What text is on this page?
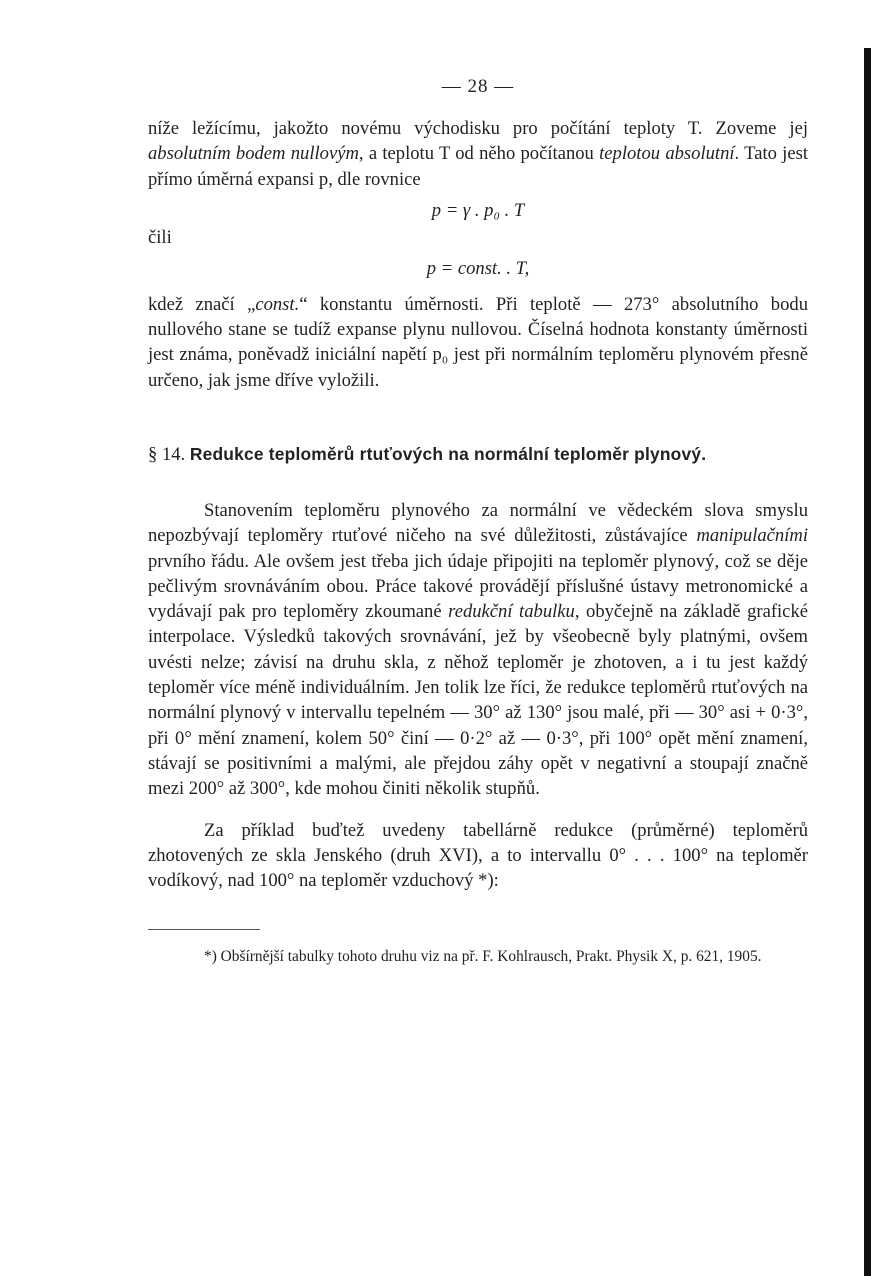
— 28 —

níže ležícímu, jakožto novému východisku pro počítání teploty T. Zoveme jej absolutním bodem nullovým, a teplotu T od něho počítanou teplotou absolutní. Tato jest přímo úměrná expansi p, dle rovnice

p = γ . p₀ . T

čili

p = const. . T,

kdež značí „const.“ konstantu úměrnosti. Při teplotě — 273° absolutního bodu nullového stane se tudíž expanse plynu nullovou. Číselná hodnota konstanty úměrnosti jest známa, poněvadž iniciální napětí p₀ jest při normálním teploměru plynovém přesně určeno, jak jsme dříve vyložili.

§ 14. Redukce teploměrů rtuťových na normální teploměr plynový.

Stanovením teploměru plynového za normální ve vědeckém slova smyslu nepozbývají teploměry rtuťové ničeho na své důležitosti, zůstávajíce manipulačními prvního řádu. Ale ovšem jest třeba jich údaje připojiti na teploměr plynový, což se děje pečlivým srovnáváním obou. Práce takové provádějí příslušné ústavy metronomické a vydávají pak pro teploměry zkoumané redukční tabulku, obyčejně na základě grafické interpolace. Výsledků takových srovnávání, jež by všeobecně byly platnými, ovšem uvésti nelze; závisí na druhu skla, z něhož teploměr je zhotoven, a i tu jest každý teploměr více méně individuálním. Jen tolik lze říci, že redukce teploměrů rtuťových na normální plynový v intervallu tepelném — 30° až 130° jsou malé, při — 30° asi + 0·3°, při 0° mění znamení, kolem 50° činí — 0·2° až — 0·3°, při 100° opět mění znamení, stávají se positivními a malými, ale přejdou záhy opět v negativní a stoupají značně mezi 200° až 300°, kde mohou činiti několik stupňů.

Za příklad buďtež uvedeny tabellárně redukce (průměrné) teploměrů zhotovených ze skla Jenského (druh XVI), a to intervallu 0° . . . 100° na teploměr vodíkový, nad 100° na teploměr vzduchový *):

*) Obšírnější tabulky tohoto druhu viz na př. F. Kohlrausch, Prakt. Physik X, p. 621, 1905.
